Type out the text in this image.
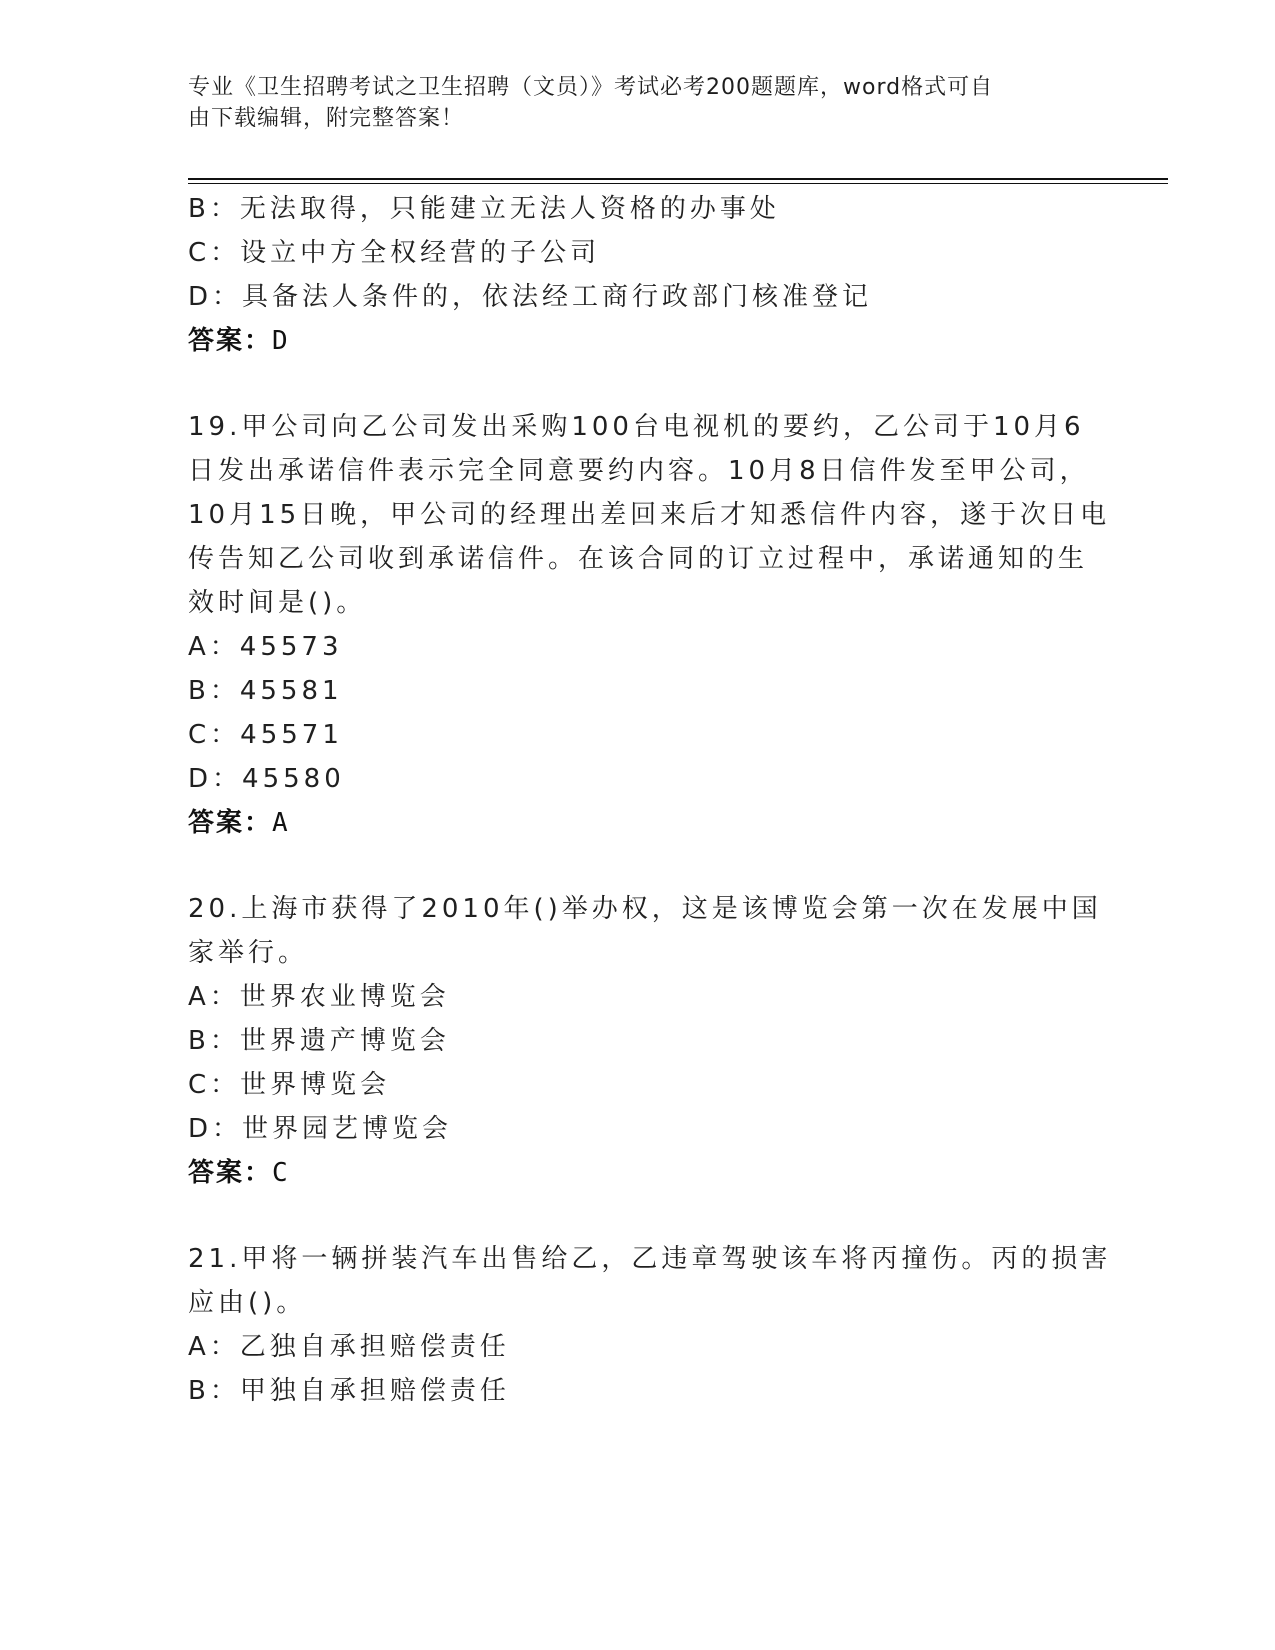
专业《卫生招聘考试之卫生招聘（文员）》考试必考200题题库，word格式可自
由下载编辑，附完整答案！
B：无法取得，只能建立无法人资格的办事处
C：设立中方全权经营的子公司
D：具备法人条件的，依法经工商行政部门核准登记
答案：D
19.甲公司向乙公司发出采购100台电视机的要约，乙公司于10月6
日发出承诺信件表示完全同意要约内容。10月8日信件发至甲公司，
10月15日晚，甲公司的经理出差回来后才知悉信件内容，遂于次日电
传告知乙公司收到承诺信件。在该合同的订立过程中，承诺通知的生
效时间是()。
A：45573
B：45581
C：45571
D：45580
答案：A
20.上海市获得了2010年()举办权，这是该博览会第一次在发展中国
家举行。
A：世界农业博览会
B：世界遗产博览会
C：世界博览会
D：世界园艺博览会
答案：C
21.甲将一辆拼装汽车出售给乙，乙违章驾驶该车将丙撞伤。丙的损害
应由()。
A：乙独自承担赔偿责任
B：甲独自承担赔偿责任
